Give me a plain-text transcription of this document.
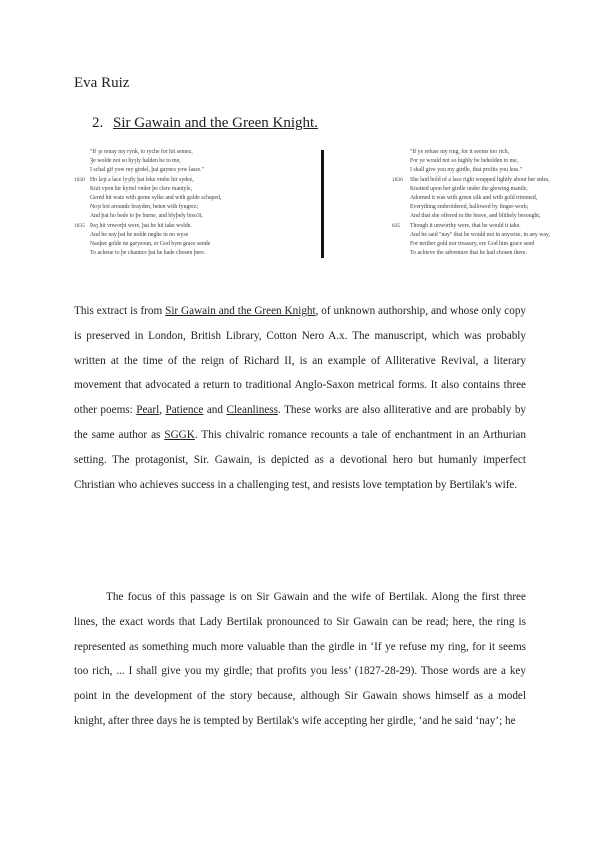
Eva Ruiz
2. Sir Gawain and the Green Knight.
"If ȝe renay my rynk, to ryche for hit semez,
Ȝe wolde not so hyȝly halden be to me,
I schal gif yow my girdel, þat gaynes yow lasse."
1830 Ho laȝt a lace lyȝtly þat leke vmbe hir sydez,
Knit vpon hir kyrtel vnder þe clere mantyle,
Gered hit watz with grene sylke and with golde schaped,
Noȝt bot arounde brayden, beten with fyngrez;
And þat ho bede to þe burne, and blyþely biso3t,
1835 Þaȝ hit vnworþi were, þat he hit take wolde.
And he nay þat he nolde neghe in no wyse
Nauþer golde ne garysoun, er God hym grace sende
To acheue to þe chaunce þat he hade chosen þere.
"If ye refuse my ring, for it seems too rich,
For ye would not so highly be beholden to me,
I shall give you my girdle, that profits you less."
1830 She laid hold of a lace right wrapped lightly about her sides,
Knotted upon her girdle under the glowing mantle,
Adorned it was with green silk and with gold trimmed,
Everything embroidered, hallowed by finger-work;
And that she offered to the brave, and blithely besought,
835 Though it unworthy were, that he would it take.
And he said "nay" that he would not in anywise, in any way,
For neither gold nor treasury, ere God him grace send
To achieve the adventure that he had chosen there.

This extract is from Sir Gawain and the Green Knight, of unknown authorship, and whose only copy is preserved in London, British Library, Cotton Nero A.x. The manuscript, which was probably written at the time of the reign of Richard II, is an example of Alliterative Revival, a literary movement that advocated a return to traditional Anglo-Saxon metrical forms. It also contains three other poems: Pearl, Patience and Cleanliness. These works are also alliterative and are probably by the same author as SGGK. This chivalric romance recounts a tale of enchantment in an Arthurian setting. The protagonist, Sir. Gawain, is depicted as a devotional hero but humanly imperfect Christian who achieves success in a challenging test, and resists love temptation by Bertilak's wife.

The focus of this passage is on Sir Gawain and the wife of Bertilak. Along the first three lines, the exact words that Lady Bertilak pronounced to Sir Gawain can be read; here, the ring is represented as something much more valuable than the girdle in ‘If ye refuse my ring, for it seems too rich, ... I shall give you my girdle; that profits you less’ (1827-28-29). Those words are a key point in the development of the story because, although Sir Gawain shows himself as a model knight, after three days he is tempted by Bertilak's wife accepting her girdle, ‘and he said ‘nay’; he
